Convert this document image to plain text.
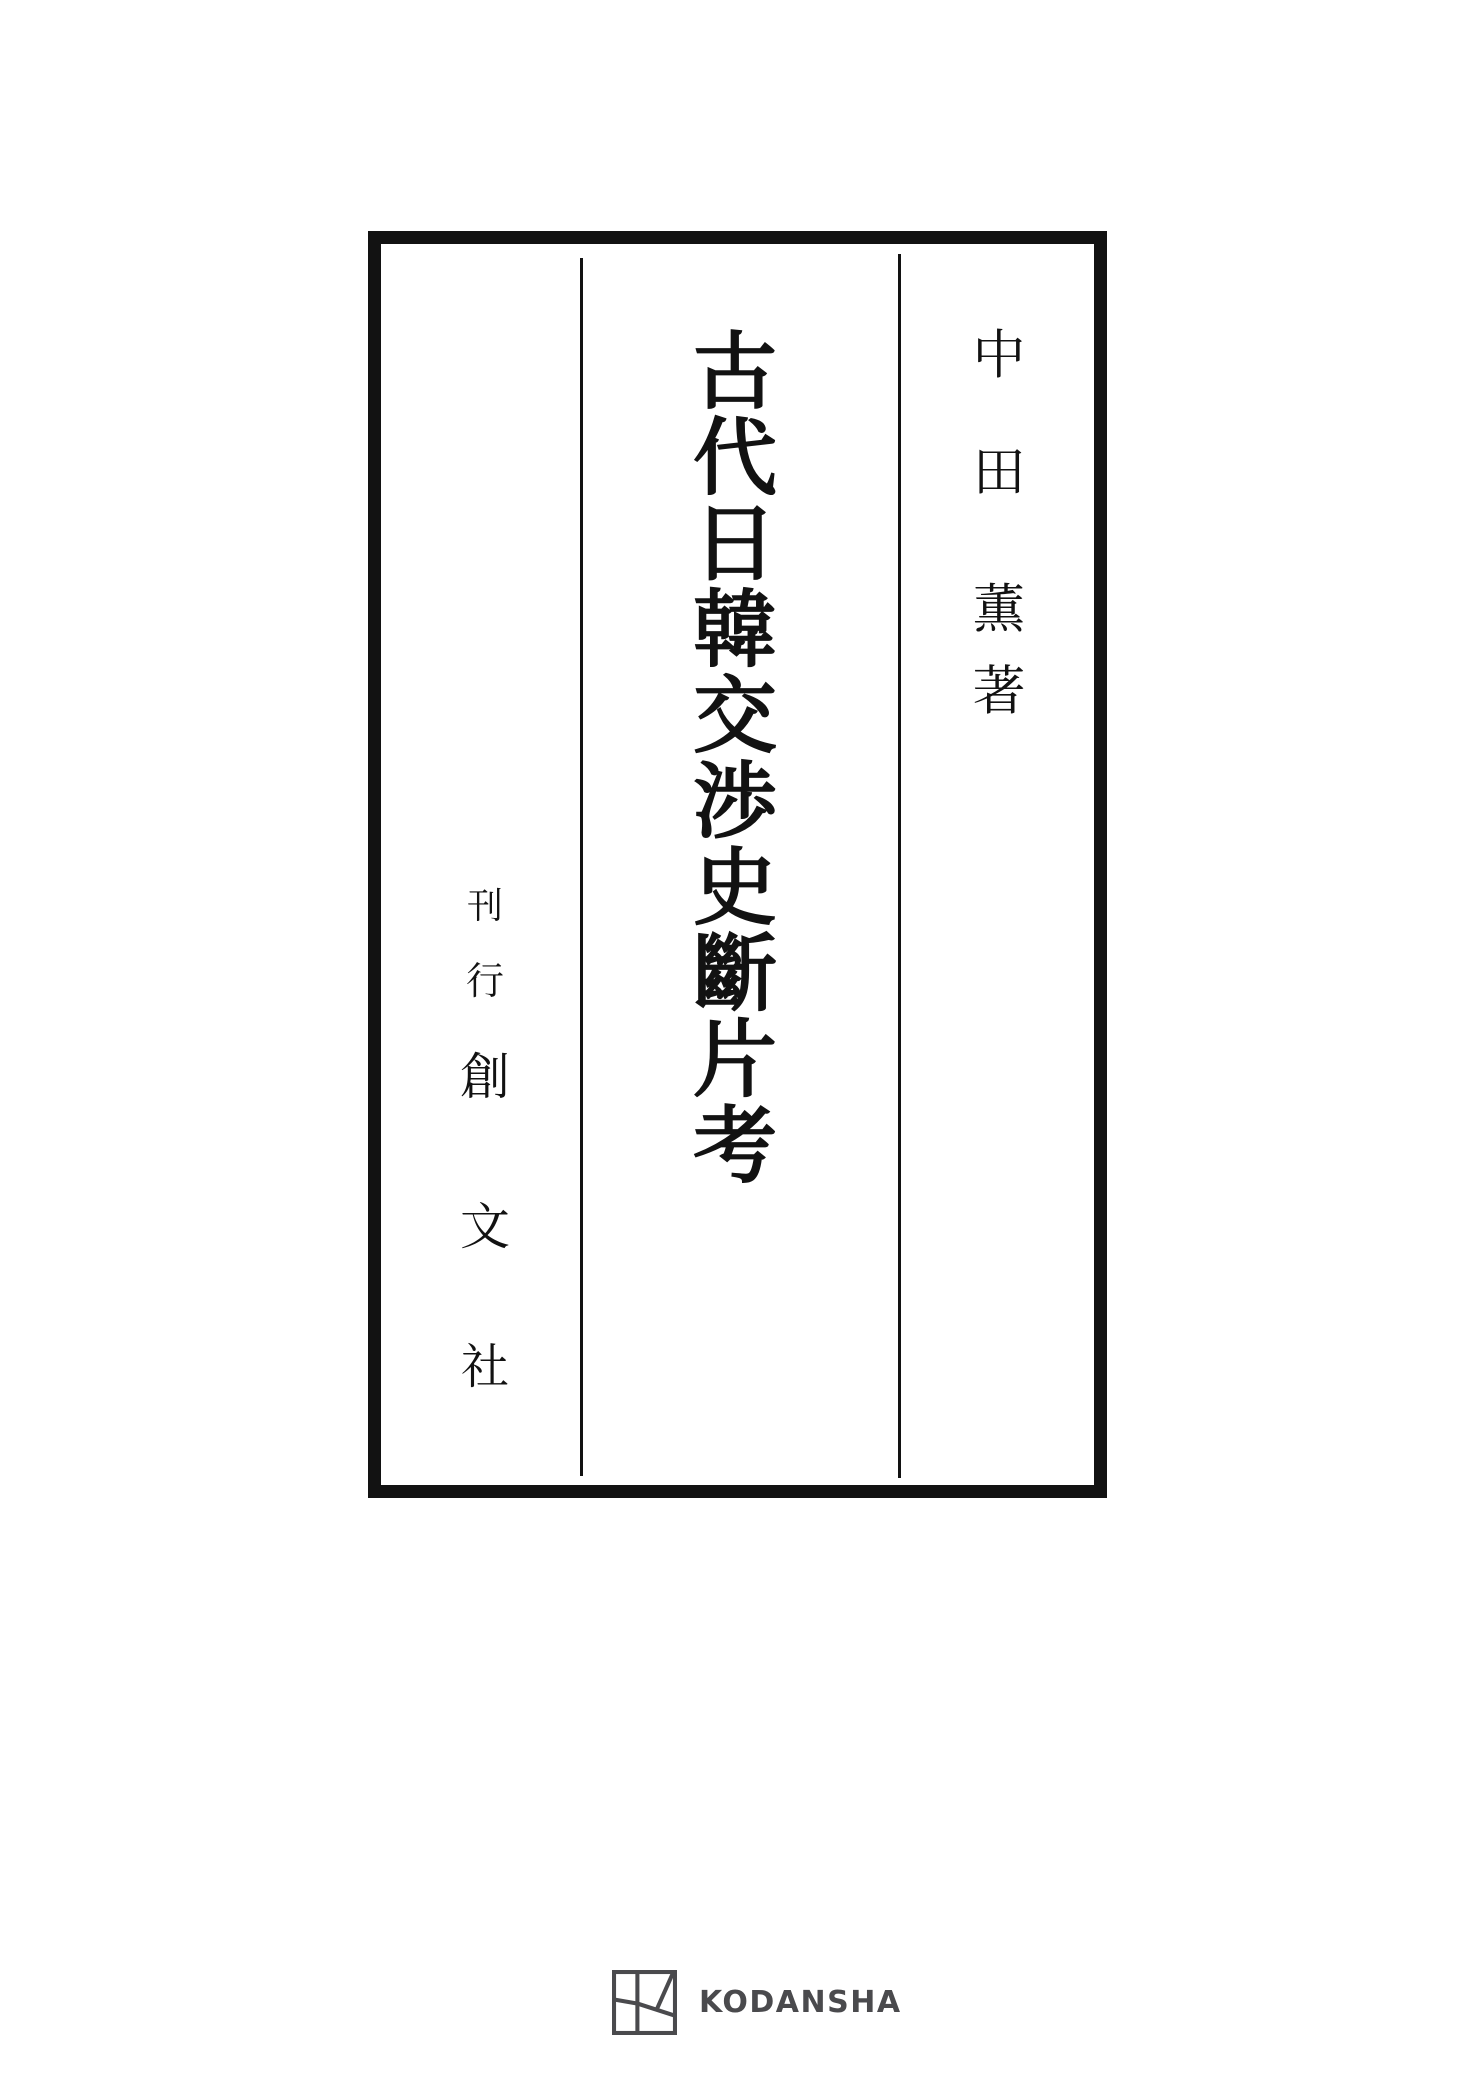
古
代
日
韓
交
渉
史
斷
片
考
中
田
薫
著
刊
行
創
文
社
KODANSHA
